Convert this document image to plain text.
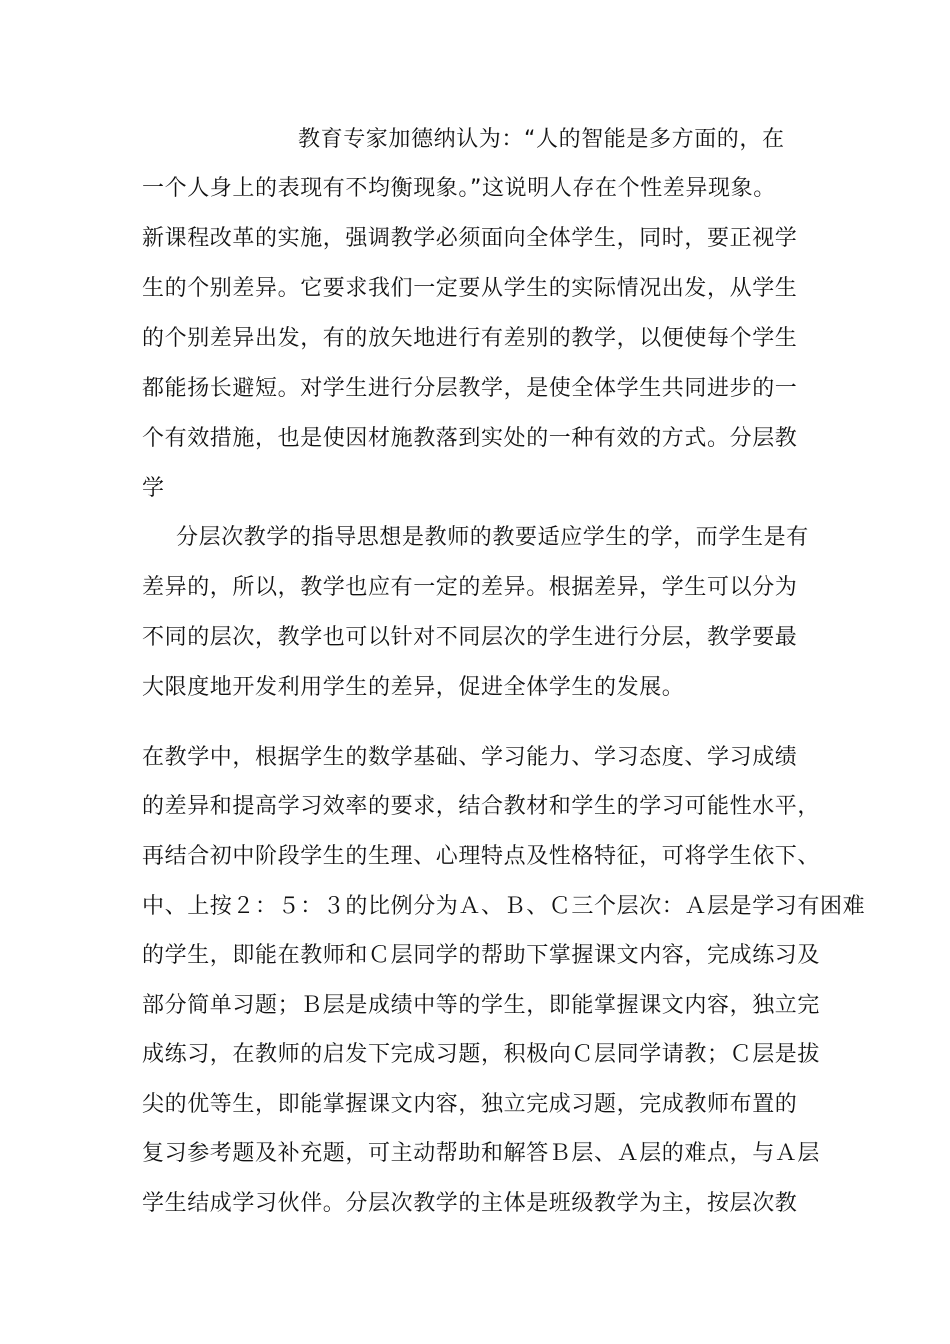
教育专家加德纳认为：“人的智能是多方面的，在
一个人身上的表现有不均衡现象。”这说明人存在个性差异现象。
新课程改革的实施，强调教学必须面向全体学生，同时，要正视学
生的个别差异。它要求我们一定要从学生的实际情况出发，从学生
的个别差异出发，有的放矢地进行有差别的教学，以便使每个学生
都能扬长避短。对学生进行分层教学，是使全体学生共同进步的一
个有效措施，也是使因材施教落到实处的一种有效的方式。分层教
学
分层次教学的指导思想是教师的教要适应学生的学，而学生是有
差异的，所以，教学也应有一定的差异。根据差异，学生可以分为
不同的层次，教学也可以针对不同层次的学生进行分层，教学要最
大限度地开发利用学生的差异，促进全体学生的发展。
在教学中，根据学生的数学基础、学习能力、学习态度、学习成绩
的差异和提高学习效率的要求，结合教材和学生的学习可能性水平，
再结合初中阶段学生的生理、心理特点及性格特征，可将学生依下、
中、上按２：５：３的比例分为Ａ、Ｂ、Ｃ三个层次：Ａ层是学习有困难
的学生，即能在教师和Ｃ层同学的帮助下掌握课文内容，完成练习及
部分简单习题；Ｂ层是成绩中等的学生，即能掌握课文内容，独立完
成练习，在教师的启发下完成习题，积极向Ｃ层同学请教；Ｃ层是拔
尖的优等生，即能掌握课文内容，独立完成习题，完成教师布置的
复习参考题及补充题，可主动帮助和解答Ｂ层、Ａ层的难点，与Ａ层
学生结成学习伙伴。分层次教学的主体是班级教学为主，按层次教
